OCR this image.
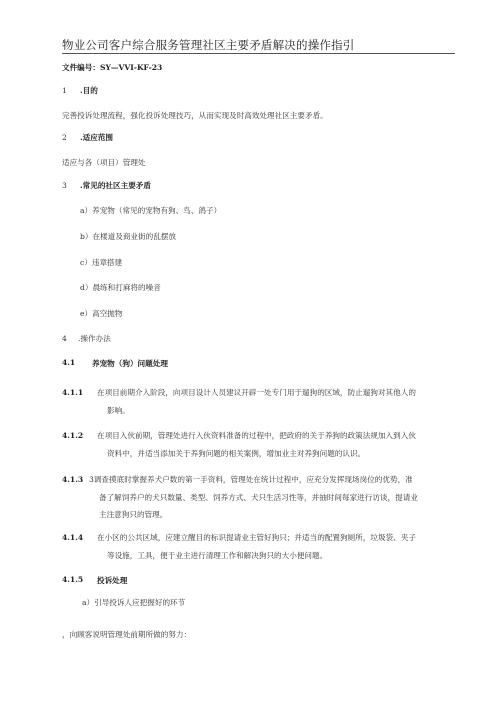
物业公司客户综合服务管理社区主要矛盾解决的操作指引
文件编号：SY—VVI-KF-23
1 .目的
完善投诉处理流程，强化投诉处理技巧，从而实现及时高效处理社区主要矛盾。
2 .适应范围
适应与各（项目）管理处
3 .常见的社区主要矛盾
a）养宠物（常见的宠物有狗、鸟、鸽子）
b）在楼道及商业街的乱摆放
c）违章搭建
d）晨练和打麻将的噪音
e）高空抛物
4 .操作办法
4.1 养宠物（狗）问题处理
4.1.1 在项目前期介入阶段，向项目设计人员建议开辟一处专门用于遛狗的区域，防止遛狗对其他人的
影响。
4.1.2 在项目入伙前期，管理处进行入伙资料准备的过程中，把政府的关于养狗的政策法规加入到入伙
资料中，并适当添加关于养狗问题的相关案例，增加业主对养狗问题的认识。
4.1.3 3调查摸底时掌握养犬户数的第一手资料，管理处在统计过程中，应充分发挥现场岗位的优势，准
备了解饲养户的犬只数量、类型、饲养方式、犬只生活习性等，并抽时间每家进行访谈，提请业
主注意狗只的管理。
4.1.4 在小区的公共区域，应建立醒目的标识提请业主管好狗只；并适当的配置狗厕所，垃圾袋、夹子
等设施，工具，便于业主进行清理工作和解决狗只的大小便问题。
4.1.5 投诉处理
a）引导投诉人应把握好的环节
，向顾客说明管理处前期所做的努力：
